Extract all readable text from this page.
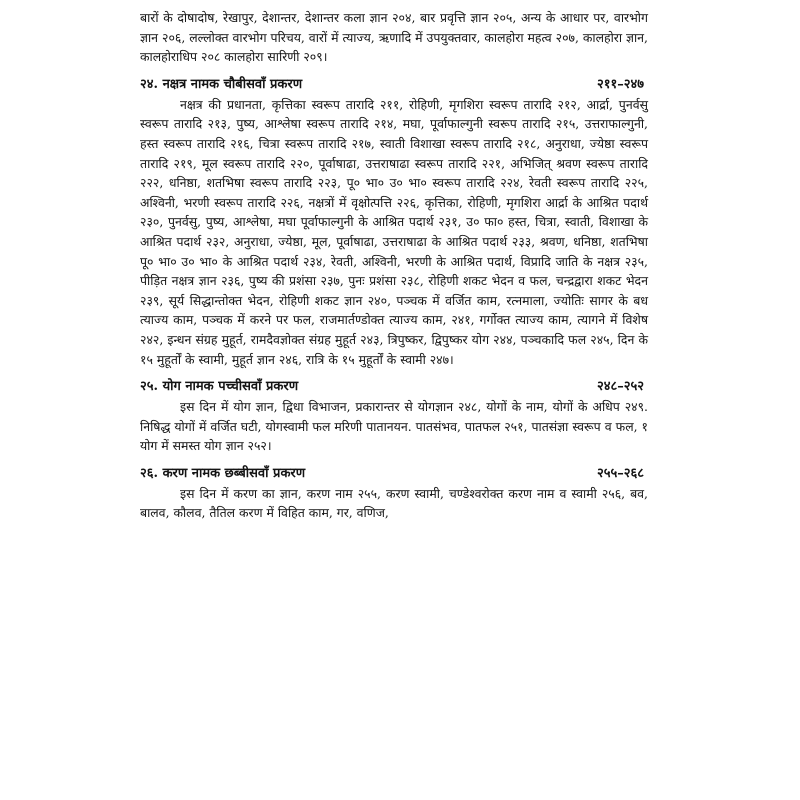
बारों के दोषादोष, रेखापुर, देशान्तर, देशान्तर कला ज्ञान २०४, बार प्रवृत्ति ज्ञान २०५, अन्य के आधार पर, वारभोग ज्ञान २०६, लल्लोक्त वारभोग परिचय, वारों में त्याज्य, ऋणादि में उपयुक्तवार, कालहोरा महत्व २०७, कालहोरा ज्ञान, कालहोराधिप २०८ कालहोरा सारिणी २०९।

२४. नक्षत्र नामक चौबीसवाँ प्रकरण	२११–२४७

नक्षत्र की प्रधानता, कृत्तिका स्वरूप तारादि २११, रोहिणी, मृगशिरा स्वरूप तारादि २१२, आर्द्रा, पुनर्वसु स्वरूप तारादि २१३, पुष्य, आश्लेषा स्वरूप तारादि २१४, मघा, पूर्वाफाल्गुनी स्वरूप तारादि २१५, उत्तराफाल्गुनी, हस्त स्वरूप तारादि २१६, चित्रा स्वरूप तारादि २१७, स्वाती विशाखा स्वरूप तारादि २१८, अनुराधा, ज्येष्ठा स्वरूप तारादि २१९, मूल स्वरूप तारादि २२०, पूर्वाषाढा, उत्तराषाढा स्वरूप तारादि २२१, अभिजित् श्रवण स्वरूप तारादि २२२, धनिष्ठा, शतभिषा स्वरूप तारादि २२३, पू० भा० उ० भा० स्वरूप तारादि २२४, रेवती स्वरूप तारादि २२५, अश्विनी, भरणी स्वरूप तारादि २२६, नक्षत्रों में वृक्षोत्पत्ति २२६, कृत्तिका, रोहिणी, मृगशिरा आर्द्रा के आश्रित पदार्थ २३०, पुनर्वसु, पुष्य, आश्लेषा, मघा पूर्वाफाल्गुनी के आश्रित पदार्थ २३१, उ० फा० हस्त, चित्रा, स्वाती, विशाखा के आश्रित पदार्थ २३२, अनुराधा, ज्येष्ठा, मूल, पूर्वाषाढा, उत्तराषाढा के आश्रित पदार्थ २३३, श्रवण, धनिष्ठा, शतभिषा पू० भा० उ० भा० के आश्रित पदार्थ २३४, रेवती, अश्विनी, भरणी के आश्रित पदार्थ, विप्रादि जाति के नक्षत्र २३५, पीड़ित नक्षत्र ज्ञान २३६, पुष्य की प्रशंसा २३७, पुनः प्रशंसा २३८, रोहिणी शकट भेदन व फल, चन्द्रद्वारा शकट भेदन २३९, सूर्य सिद्धान्तोक्त भेदन, रोहिणी शकट ज्ञान २४०, पञ्चक में वर्जित काम, रत्नमाला, ज्योतिः सागर के बध त्याज्य काम, पञ्चक में करने पर फल, राजमार्तण्डोक्त त्याज्य काम, २४१, गर्गोक्त त्याज्य काम, त्यागने में विशेष २४२, इन्धन संग्रह मुहूर्त, रामदैवज्ञोक्त संग्रह मुहूर्त २४३, त्रिपुष्कर, द्विपुष्कर योग २४४, पञ्चकादि फल २४५, दिन के १५ मुहूर्तों के स्वामी, मुहूर्त ज्ञान २४६, रात्रि के १५ मुहूर्तों के स्वामी २४७।

२५. योग नामक पच्चीसवाँ प्रकरण	२४८–२५२

इस दिन में योग ज्ञान, द्विधा विभाजन, प्रकारान्तर से योगज्ञान २४८, योगों के नाम, योगों के अधिप २४९. निषिद्ध योगों में वर्जित घटी, योगस्वामी फल मरिणी पातानयन. पातसंभव, पातफल २५१, पातसंज्ञा स्वरूप व फल, १ योग में समस्त योग ज्ञान २५२।

२६. करण नामक छब्बीसवाँ प्रकरण	२५५–२६८

इस दिन में करण का ज्ञान, करण नाम २५५, करण स्वामी, चण्डेश्वरोक्त करण नाम व स्वामी २५६, बव, बालव, कौलव, तैतिल करण में विहित काम, गर, वणिज,
